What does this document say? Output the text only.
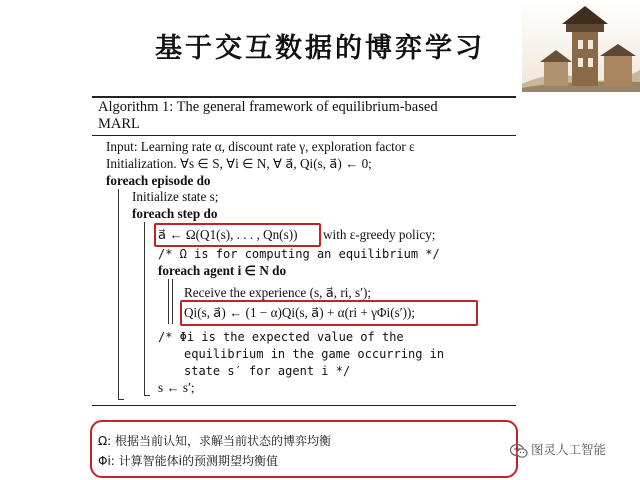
基于交互数据的博弈学习
Algorithm 1: The general framework of equilibrium-based
MARL
Input: Learning rate α, discount rate γ, exploration factor ε
Initialization. ∀s ∈ S, ∀i ∈ N, ∀ a⃗, Qi(s, a⃗) ← 0;
foreach episode do
Initialize state s;
foreach step do
a⃗ ← Ω(Q1(s), . . . , Qn(s)) with ε-greedy policy;
/* Ω is for computing an equilibrium */
foreach agent i ∈ N do
Receive the experience (s, a⃗, ri, s′);
Qi(s, a⃗) ← (1 − α)Qi(s, a⃗) + α(ri + γΦi(s′));
/* Φi is the expected value of the
equilibrium in the game occurring in
state s′ for agent i */
s ← s′;
Ω: 根据当前认知，求解当前状态的博弈均衡
Φi: 计算智能体i的预测期望均衡值
图灵人工智能
